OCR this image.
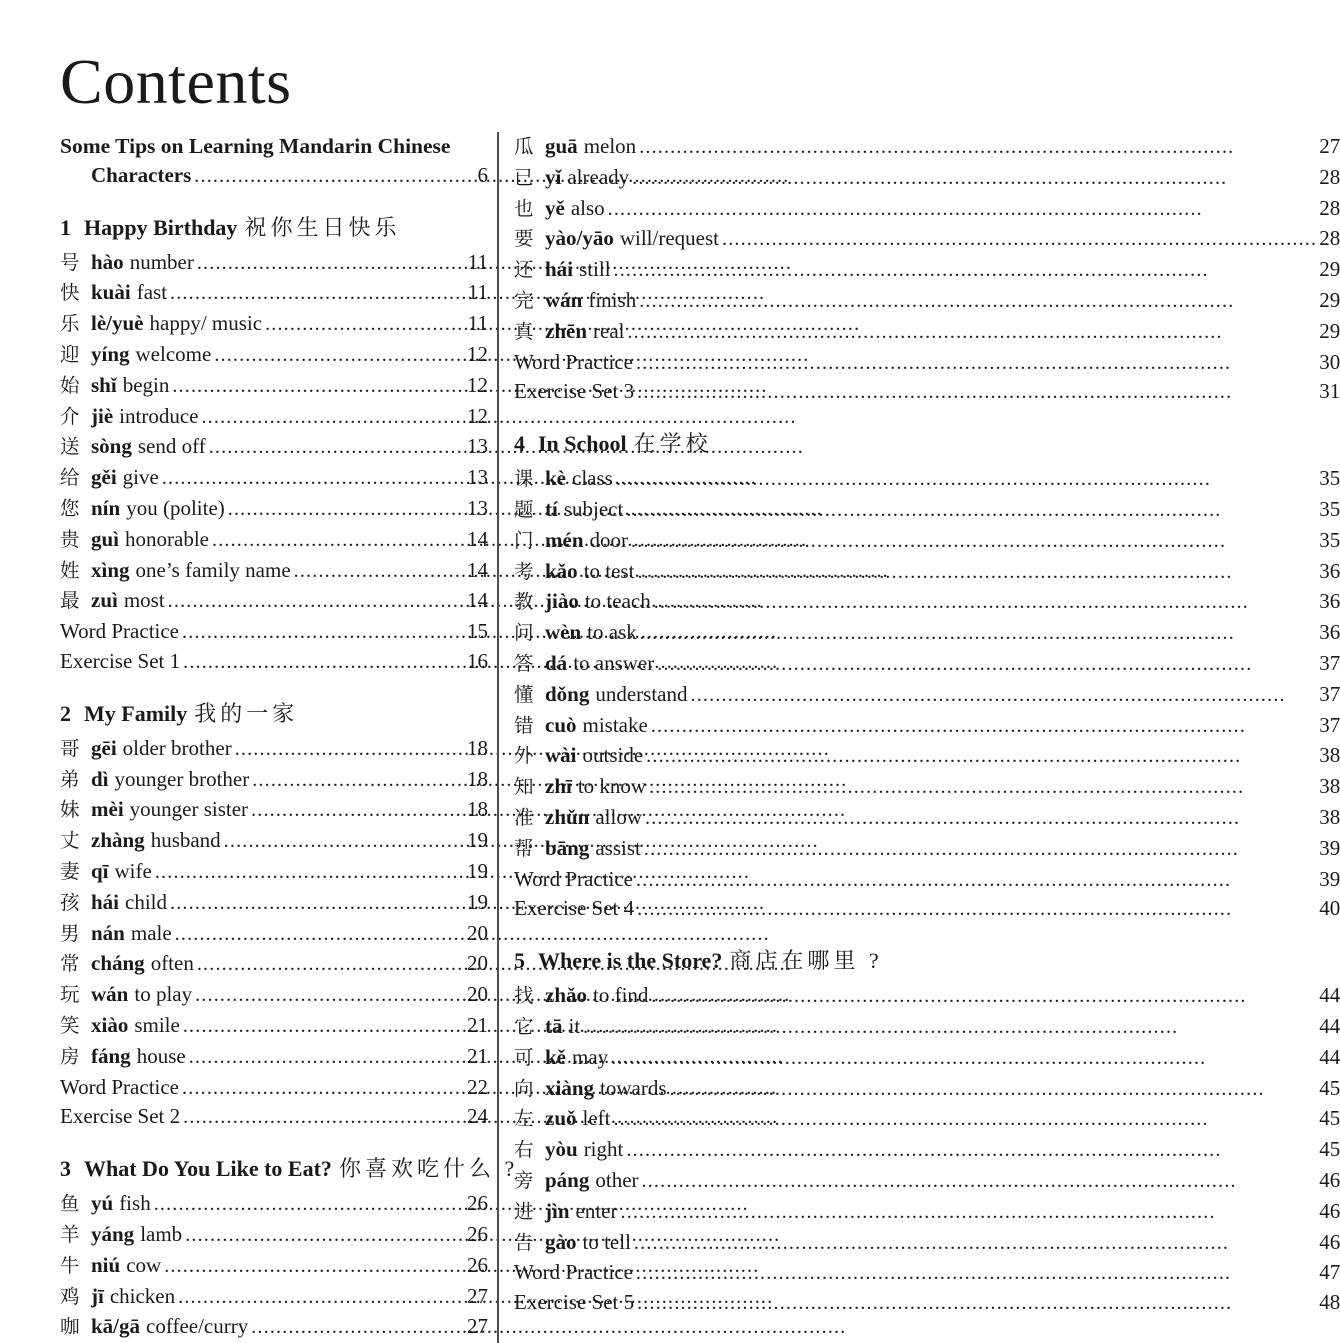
Contents
Some Tips on Learning Mandarin Chinese
Characters .....	6
1 Happy Birthday 祝你生日快乐
号 hào number .....	11
快 kuài fast .....	11
乐 lè/yuè happy/ music .....	11
迎 yíng welcome .....	12
始 shǐ begin .....	12
介 jiè introduce .....	12
送 sòng send off .....	13
给 gěi give .....	13
您 nín you (polite) .....	13
贵 guì honorable .....	14
姓 xìng one’s family name .....	14
最 zuì most .....	14
Word Practice .....	15
Exercise Set 1 .....	16
2 My Family 我的一家
哥 gēi older brother .....	18
弟 dì younger brother .....	18
妹 mèi younger sister .....	18
丈 zhàng husband .....	19
妻 qī wife .....	19
孩 hái child .....	19
男 nán male .....	20
常 cháng often .....	20
玩 wán to play .....	20
笑 xiào smile .....	21
房 fáng house .....	21
Word Practice .....	22
Exercise Set 2 .....	24
3 What Do You Like to Eat? 你喜欢吃什么 ?
鱼 yú fish .....	26
羊 yáng lamb .....	26
牛 niú cow .....	26
鸡 jī chicken .....	27
咖 kā/gā coffee/curry .....	27
瓜 guā melon .....	27
已 yǐ already .....	28
也 yě also .....	28
要 yào/yāo will/request .....	28
还 hái still .....	29
完 wán finish .....	29
真 zhēn real .....	29
Word Practice .....	30
Exercise Set 3 .....	31
4 In School 在学校
课 kè class .....	35
题 tí subject .....	35
门 mén door .....	35
考 kǎo to test .....	36
教 jiào to teach .....	36
问 wèn to ask .....	36
答 dá to answer .....	37
懂 dǒng understand .....	37
错 cuò mistake .....	37
外 wài outside .....	38
知 zhī to know .....	38
准 zhǔn allow .....	38
帮 bāng assist .....	39
Word Practice .....	39
Exercise Set 4 .....	40
5 Where is the Store? 商店在哪里 ?
找 zhǎo to find .....	44
它 tā it .....	44
可 kě may .....	44
向 xiàng towards .....	45
左 zuǒ left .....	45
右 yòu right .....	45
旁 páng other .....	46
进 jìn enter .....	46
告 gào to tell .....	46
Word Practice .....	47
Exercise Set 5 .....	48
